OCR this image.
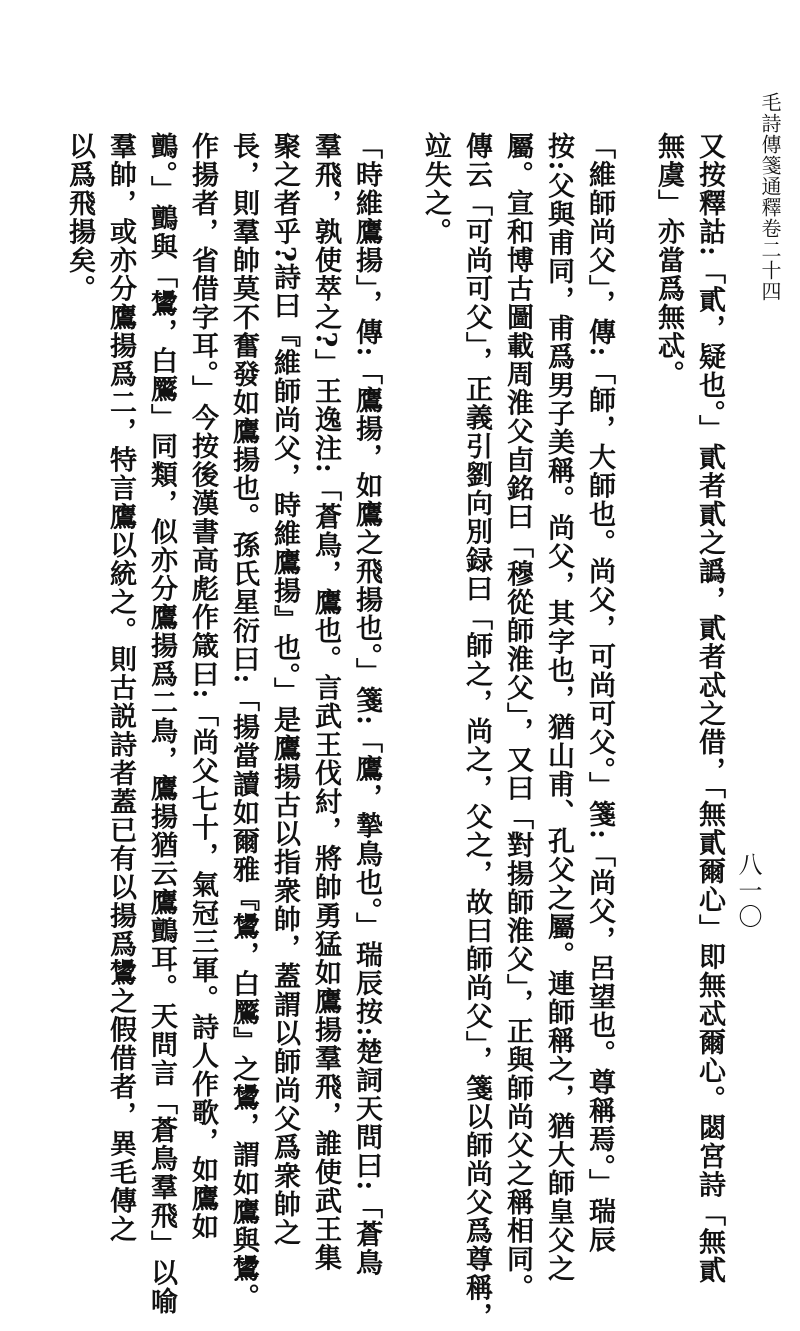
毛詩傳箋通釋卷二十四
八一〇
又按釋詁:「貳，疑也。」貳者貳之譌，貳者忒之借，「無貳爾心」即無忒爾心。閟宮詩「無貳
無虞」亦當爲無忒。
「維師尚父」，傳:「師，大師也。尚父，可尚可父。」箋:「尚父，呂望也。尊稱焉。」瑞辰
按:父與甫同，甫爲男子美稱。尚父，其字也，猶山甫、孔父之屬。連師稱之，猶大師皇父之
屬。宣和博古圖載周淮父卣銘曰「穆從師淮父」，又曰「對揚師淮父」，正與師尚父之稱相同。
傳云「可尚可父」，正義引劉向別録曰「師之，尚之，父之，故曰師尚父」，箋以師尚父爲尊稱，
竝失之。
「時維鷹揚」，傳:「鷹揚，如鷹之飛揚也。」箋:「鷹，摯鳥也。」瑞辰按:楚詞天問曰:「蒼鳥
羣飛，孰使萃之?」王逸注:「蒼鳥，鷹也。言武王伐紂，將帥勇猛如鷹揚羣飛，誰使武王集
聚之者乎?詩曰『維師尚父，時維鷹揚』也。」是鷹揚古以指衆帥，蓋謂以師尚父爲衆帥之
長，則羣帥莫不奮發如鷹揚也。孫氏星衍曰:「揚當讀如爾雅『鸉，白鷢』之鸉，謂如鷹與鸉。
作揚者，省借字耳。」今按後漢書高彪作箴曰:「尚父七十，氣冠三軍。詩人作歌，如鷹如
鸇。」鸇與「鸉，白鷢」同類，似亦分鷹揚爲二鳥，鷹揚猶云鷹鸇耳。天問言「蒼鳥羣飛」以喻
羣帥，或亦分鷹揚爲二，特言鷹以統之。則古説詩者蓋已有以揚爲鸉之假借者，異毛傳之
以爲飛揚矣。
